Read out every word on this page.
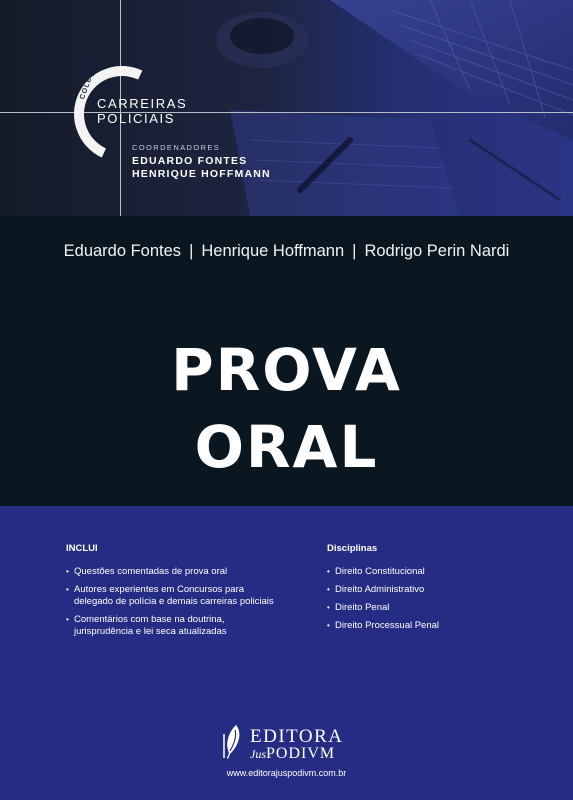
COLEÇÃO
CARREIRAS
POLICIAIS
COORDENADORES
EDUARDO FONTES
HENRIQUE HOFFMANN
Eduardo Fontes | Henrique Hoffmann | Rodrigo Perin Nardi
PROVA
ORAL
INCLUI
• Questões comentadas de prova oral
• Autores experientes em Concursos para delegado de polícia e demais carreiras policiais
• Comentários com base na doutrina, jurisprudência e lei seca atualizadas
Disciplinas
• Direito Constitucional
• Direito Administrativo
• Direito Penal
• Direito Processual Penal
EDITORA
JusPODIVM
www.editorajuspodivm.com.br
